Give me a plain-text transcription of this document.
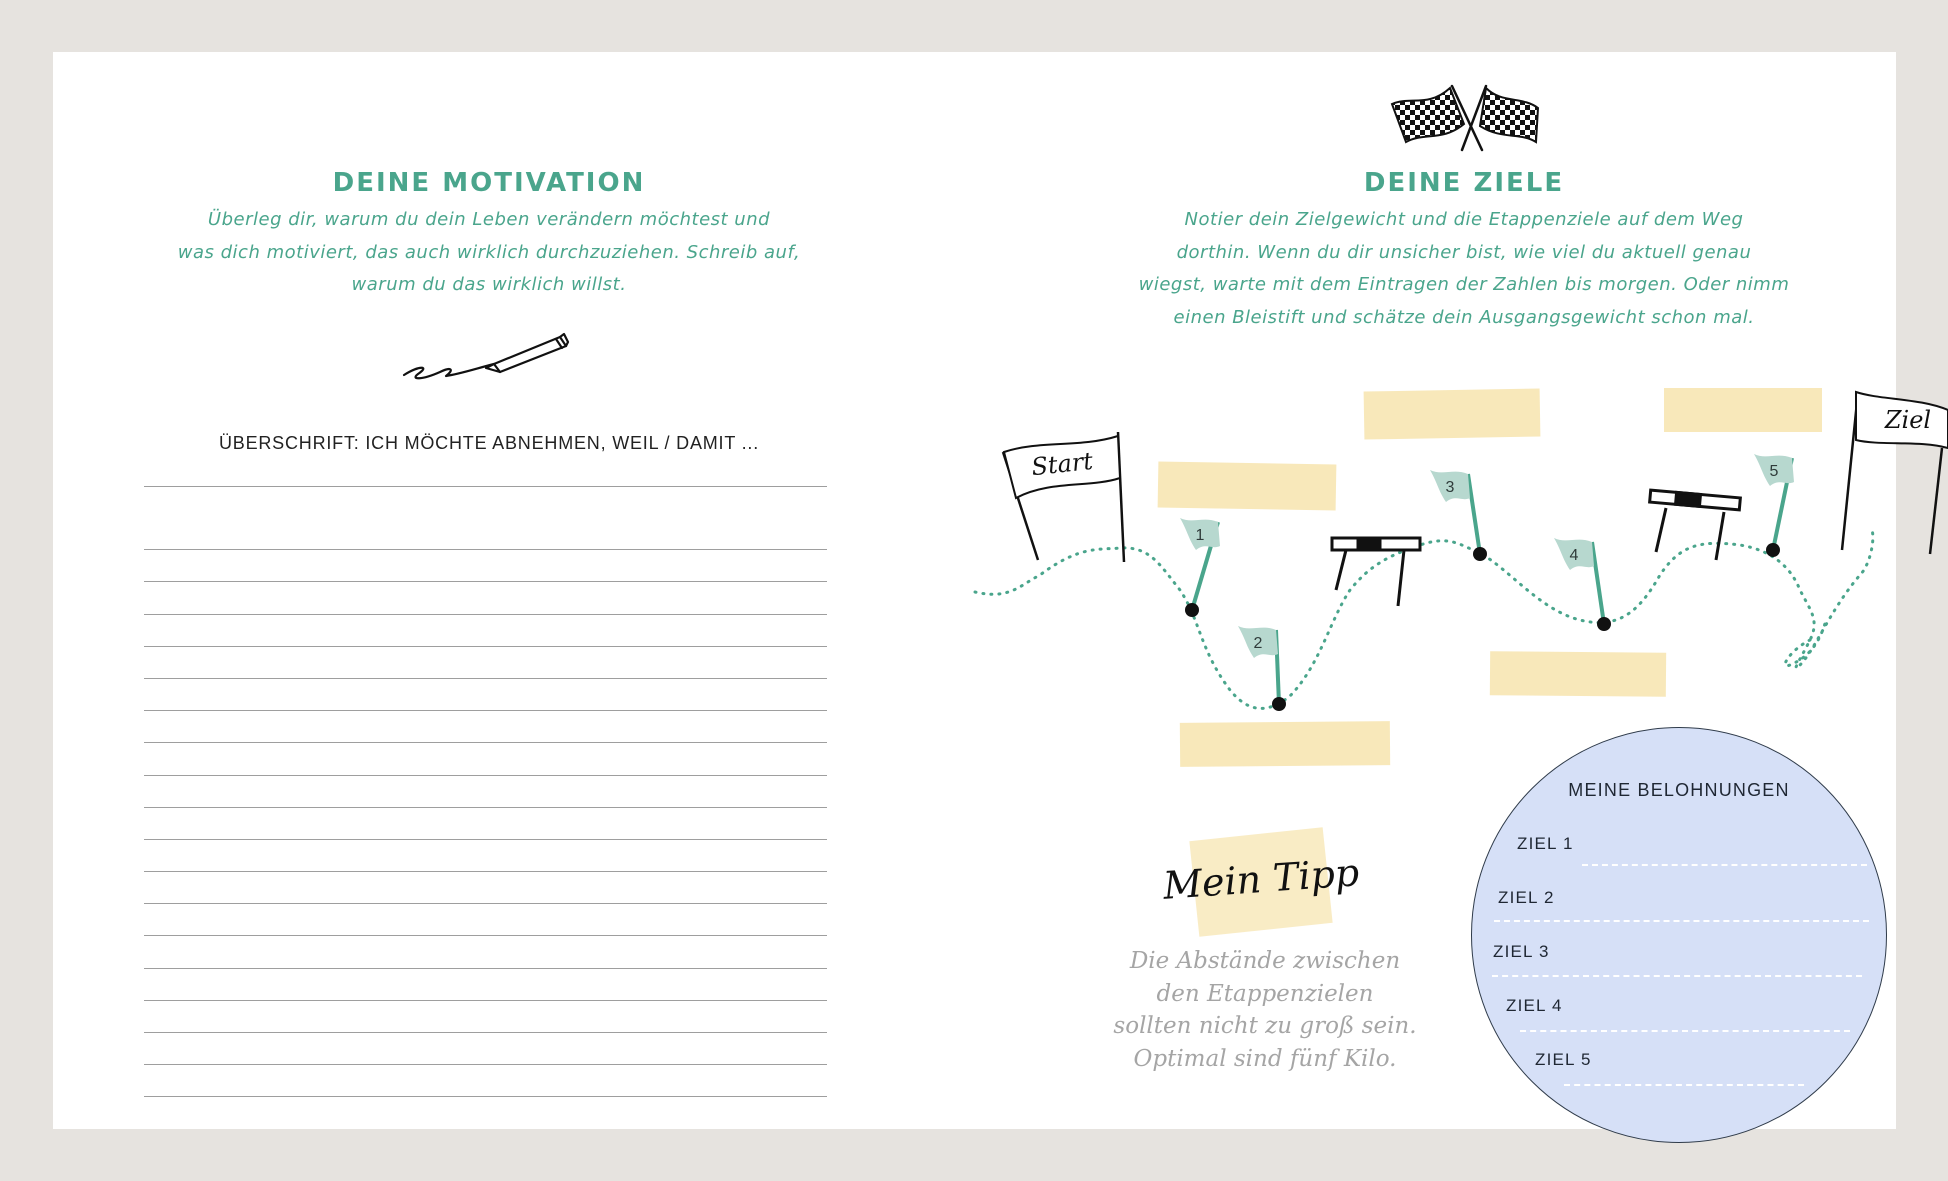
DEINE MOTIVATION
Überleg dir, warum du dein Leben verändern möchtest und
was dich motiviert, das auch wirklich durchzuziehen. Schreib auf,
warum du das wirklich willst.
ÜBERSCHRIFT: ICH MÖCHTE ABNEHMEN, WEIL / DAMIT ...
DEINE ZIELE
Notier dein Zielgewicht und die Etappenziele auf dem Weg
dorthin. Wenn du dir unsicher bist, wie viel du aktuell genau
wiegst, warte mit dem Eintragen der Zahlen bis morgen. Oder nimm
einen Bleistift und schätze dein Ausgangsgewicht schon mal.
Start
Ziel
1
2
3
4
5
Mein Tipp
Die Abstände zwischen
den Etappenzielen
sollten nicht zu groß sein.
Optimal sind fünf Kilo.
MEINE BELOHNUNGEN
ZIEL 1
ZIEL 2
ZIEL 3
ZIEL 4
ZIEL 5
